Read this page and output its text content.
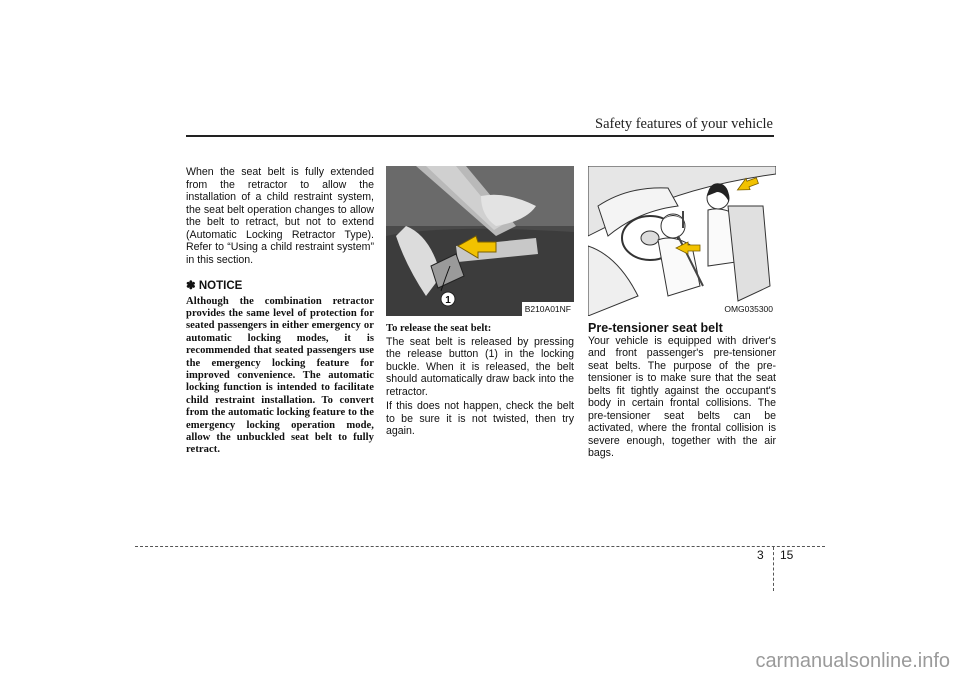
Safety features of your vehicle

When the seat belt is fully extended from the retractor to allow the installation of a child restraint system, the seat belt operation changes to allow the belt to retract, but not to extend (Automatic Locking Retractor Type). Refer to “Using a child restraint system” in this section.

✽ NOTICE
Although the combination retractor provides the same level of protection for seated passengers in either emergency or automatic locking modes, it is recommended that seated passengers use the emergency locking feature for improved convenience. The automatic locking function is intended to facilitate child restraint installation. To convert from the automatic locking feature to the emergency locking operation mode, allow the unbuckled seat belt to fully retract.
1
B210A01NF
To release the seat belt:

The seat belt is released by pressing the release button (1) in the locking buckle. When it is released, the belt should automatically draw back into the retractor.

If this does not happen, check the belt to be sure it is not twisted, then try again.

OMG035300
Pre-tensioner seat belt

Your vehicle is equipped with driver's and front passenger's pre-tensioner seat belts. The purpose of the pre-tensioner is to make sure that the seat belts fit tightly against the occupant's body in certain frontal collisions. The pre-tensioner seat belts can be activated, where the frontal collision is severe enough, together with the air bags.

3 15
carmanualsonline.info
